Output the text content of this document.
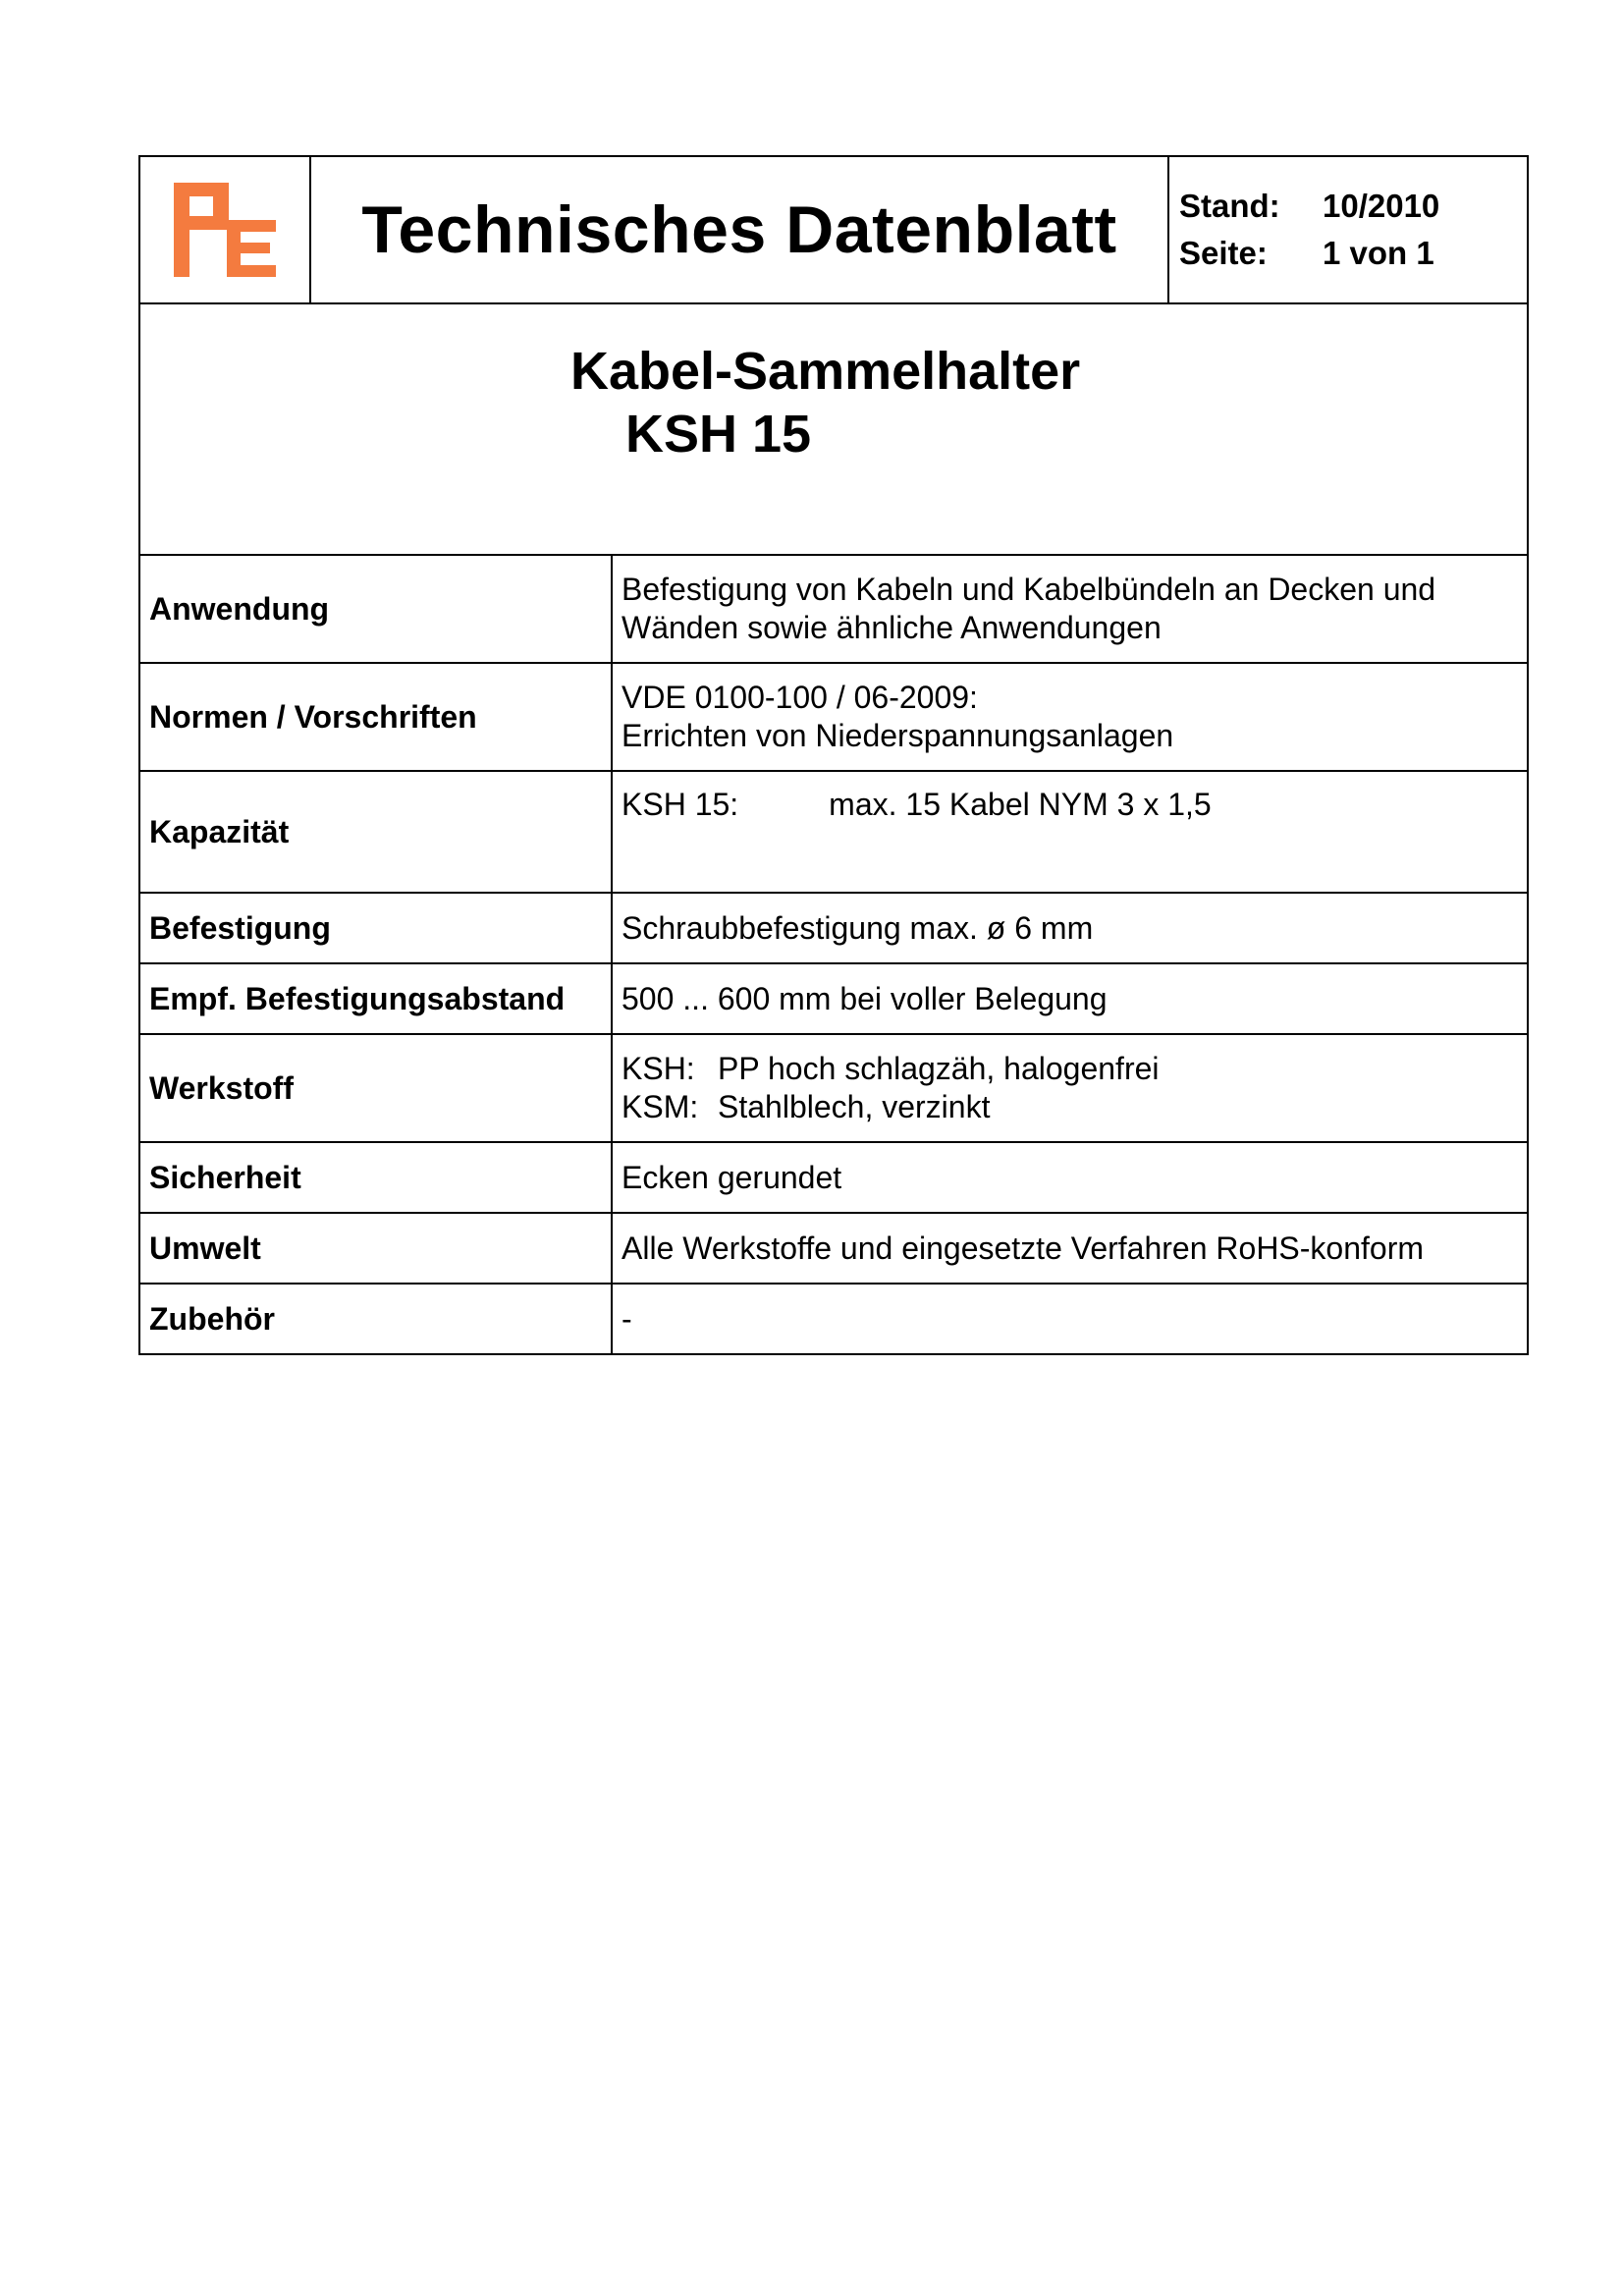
	Technisches Datenblatt	Stand:	10/2010
Seite:	1 von 1
Kabel-Sammelhalter
KSH 15
Anwendung	Befestigung von Kabeln und Kabelbündeln an Decken und
Wänden sowie ähnliche Anwendungen

Normen / Vorschriften	VDE 0100-100 / 06-2009:
Errichten von Niederspannungsanlagen

Kapazität	KSH 15: max. 15 Kabel NYM 3 x 1,5
Befestigung	Schraubbefestigung max. ø 6 mm
Empf. Befestigungsabstand	500 ... 600 mm bei voller Belegung
Werkstoff	KSH: PP hoch schlagzäh, halogenfrei
KSM: Stahlblech, verzinkt

Sicherheit	Ecken gerundet
Umwelt	Alle Werkstoffe und eingesetzte Verfahren RoHS-konform
Zubehör	-
